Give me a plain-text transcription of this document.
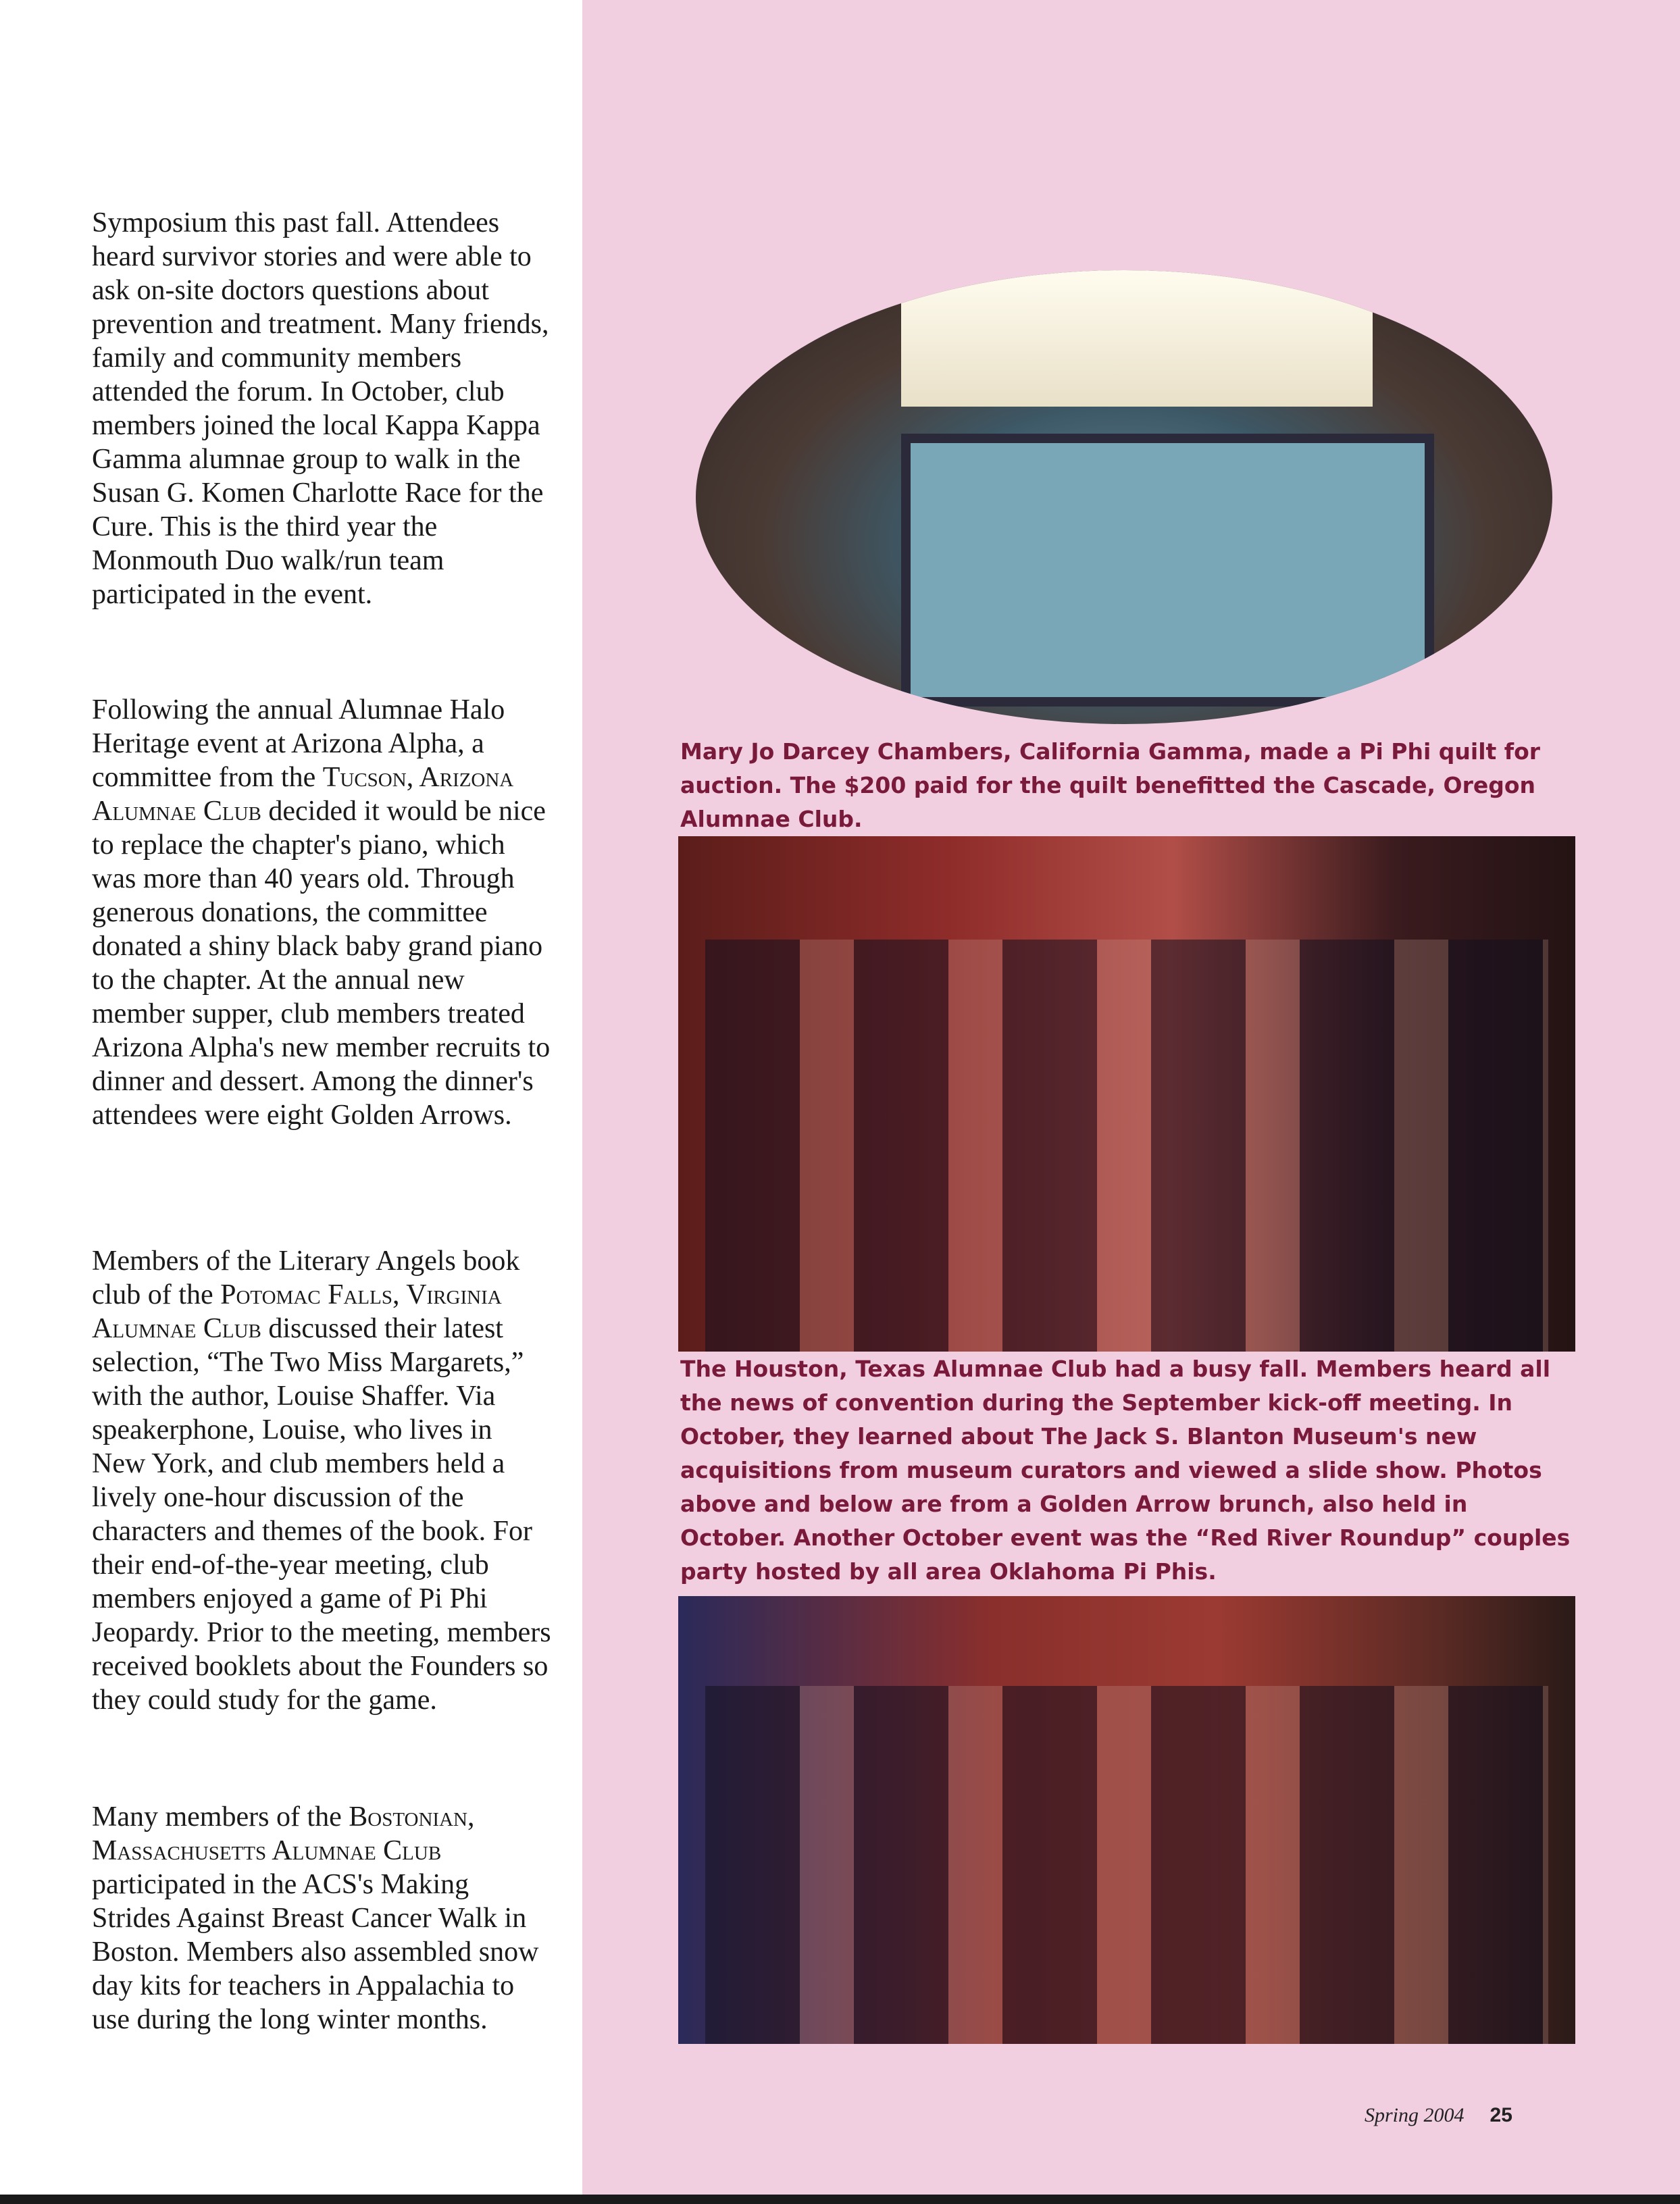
Symposium this past fall. Attendees heard survivor stories and were able to ask on-site doctors questions about prevention and treatment. Many friends, family and community members attended the forum. In October, club members joined the local Kappa Kappa Gamma alumnae group to walk in the Susan G. Komen Charlotte Race for the Cure. This is the third year the Monmouth Duo walk/run team participated in the event.

Following the annual Alumnae Halo Heritage event at Arizona Alpha, a committee from the Tucson, Arizona Alumnae Club decided it would be nice to replace the chapter's piano, which was more than 40 years old. Through generous donations, the committee donated a shiny black baby grand piano to the chapter. At the annual new member supper, club members treated Arizona Alpha's new member recruits to dinner and dessert. Among the dinner's attendees were eight Golden Arrows.

Members of the Literary Angels book club of the Potomac Falls, Virginia Alumnae Club discussed their latest selection, “The Two Miss Margarets,” with the author, Louise Shaffer. Via speakerphone, Louise, who lives in New York, and club members held a lively one-hour discussion of the characters and themes of the book. For their end-of-the-year meeting, club members enjoyed a game of Pi Phi Jeopardy. Prior to the meeting, members received booklets about the Founders so they could study for the game.

Many members of the Bostonian, Massachusetts Alumnae Club participated in the ACS's Making Strides Against Breast Cancer Walk in Boston. Members also assembled snow day kits for teachers in Appalachia to use during the long winter months.

Mary Jo Darcey Chambers, California Gamma, made a Pi Phi quilt for auction. The $200 paid for the quilt benefitted the Cascade, Oregon Alumnae Club.

The Houston, Texas Alumnae Club had a busy fall. Members heard all the news of convention during the September kick-off meeting. In October, they learned about The Jack S. Blanton Museum's new acquisitions from museum curators and viewed a slide show. Photos above and below are from a Golden Arrow brunch, also held in October. Another October event was the “Red River Roundup” couples party hosted by all area Oklahoma Pi Phis.

Spring 2004 25
